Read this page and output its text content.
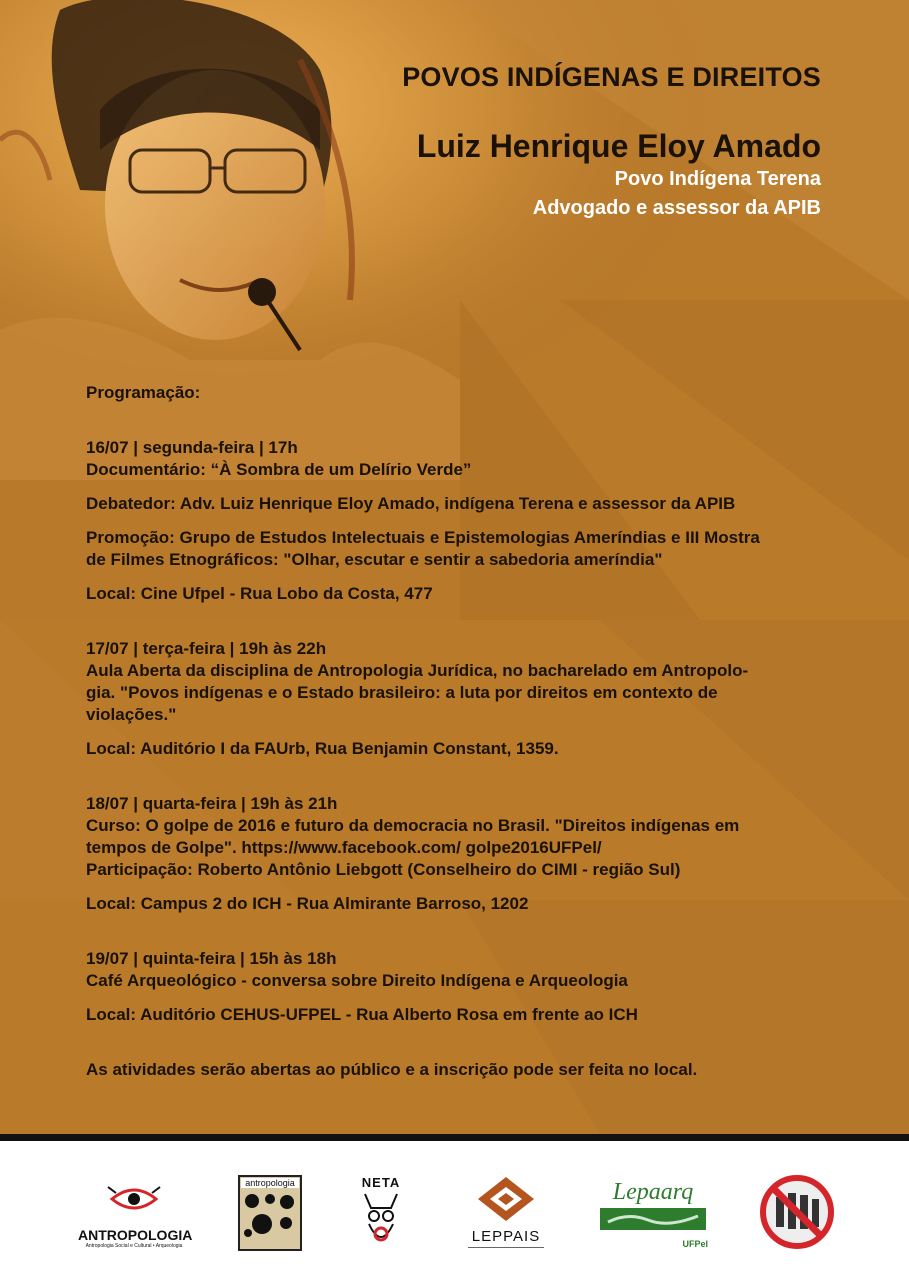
POVOS INDÍGENAS E DIREITOS
Luiz Henrique Eloy Amado
Povo Indígena Terena
Advogado e assessor da APIB

Programação:

16/07 | segunda-feira | 17h

Documentário: “À Sombra de um Delírio Verde”

Debatedor: Adv. Luiz Henrique Eloy Amado, indígena Terena e assessor da APIB

Promoção: Grupo de Estudos Intelectuais e Epistemologias Ameríndias e III Mostra

de Filmes Etnográficos: "Olhar, escutar e sentir a sabedoria ameríndia"

Local: Cine Ufpel - Rua Lobo da Costa, 477

17/07 | terça-feira | 19h às 22h

Aula Aberta da disciplina de Antropologia Jurídica, no bacharelado em Antropolo-

gia. "Povos indígenas e o Estado brasileiro: a luta por direitos em contexto de

violações."

Local: Auditório I da FAUrb, Rua Benjamin Constant, 1359.

18/07 | quarta-feira | 19h às 21h

Curso: O golpe de 2016 e futuro da democracia no Brasil. "Direitos indígenas em

tempos de Golpe". https://www.facebook.com/ golpe2016UFPel/

Participação: Roberto Antônio Liebgott (Conselheiro do CIMI - região Sul)

Local: Campus 2 do ICH - Rua Almirante Barroso, 1202

19/07 | quinta-feira | 15h às 18h

Café Arqueológico - conversa sobre Direito Indígena e Arqueologia

Local: Auditório CEHUS-UFPEL - Rua Alberto Rosa em frente ao ICH

As atividades serão abertas ao público e a inscrição pode ser feita no local.

ANTROPOLOGIA
Antropologia Social e Cultural • Arqueologia
antropologia	NETA
LEPPAIS
Lepaarq
UFPel
